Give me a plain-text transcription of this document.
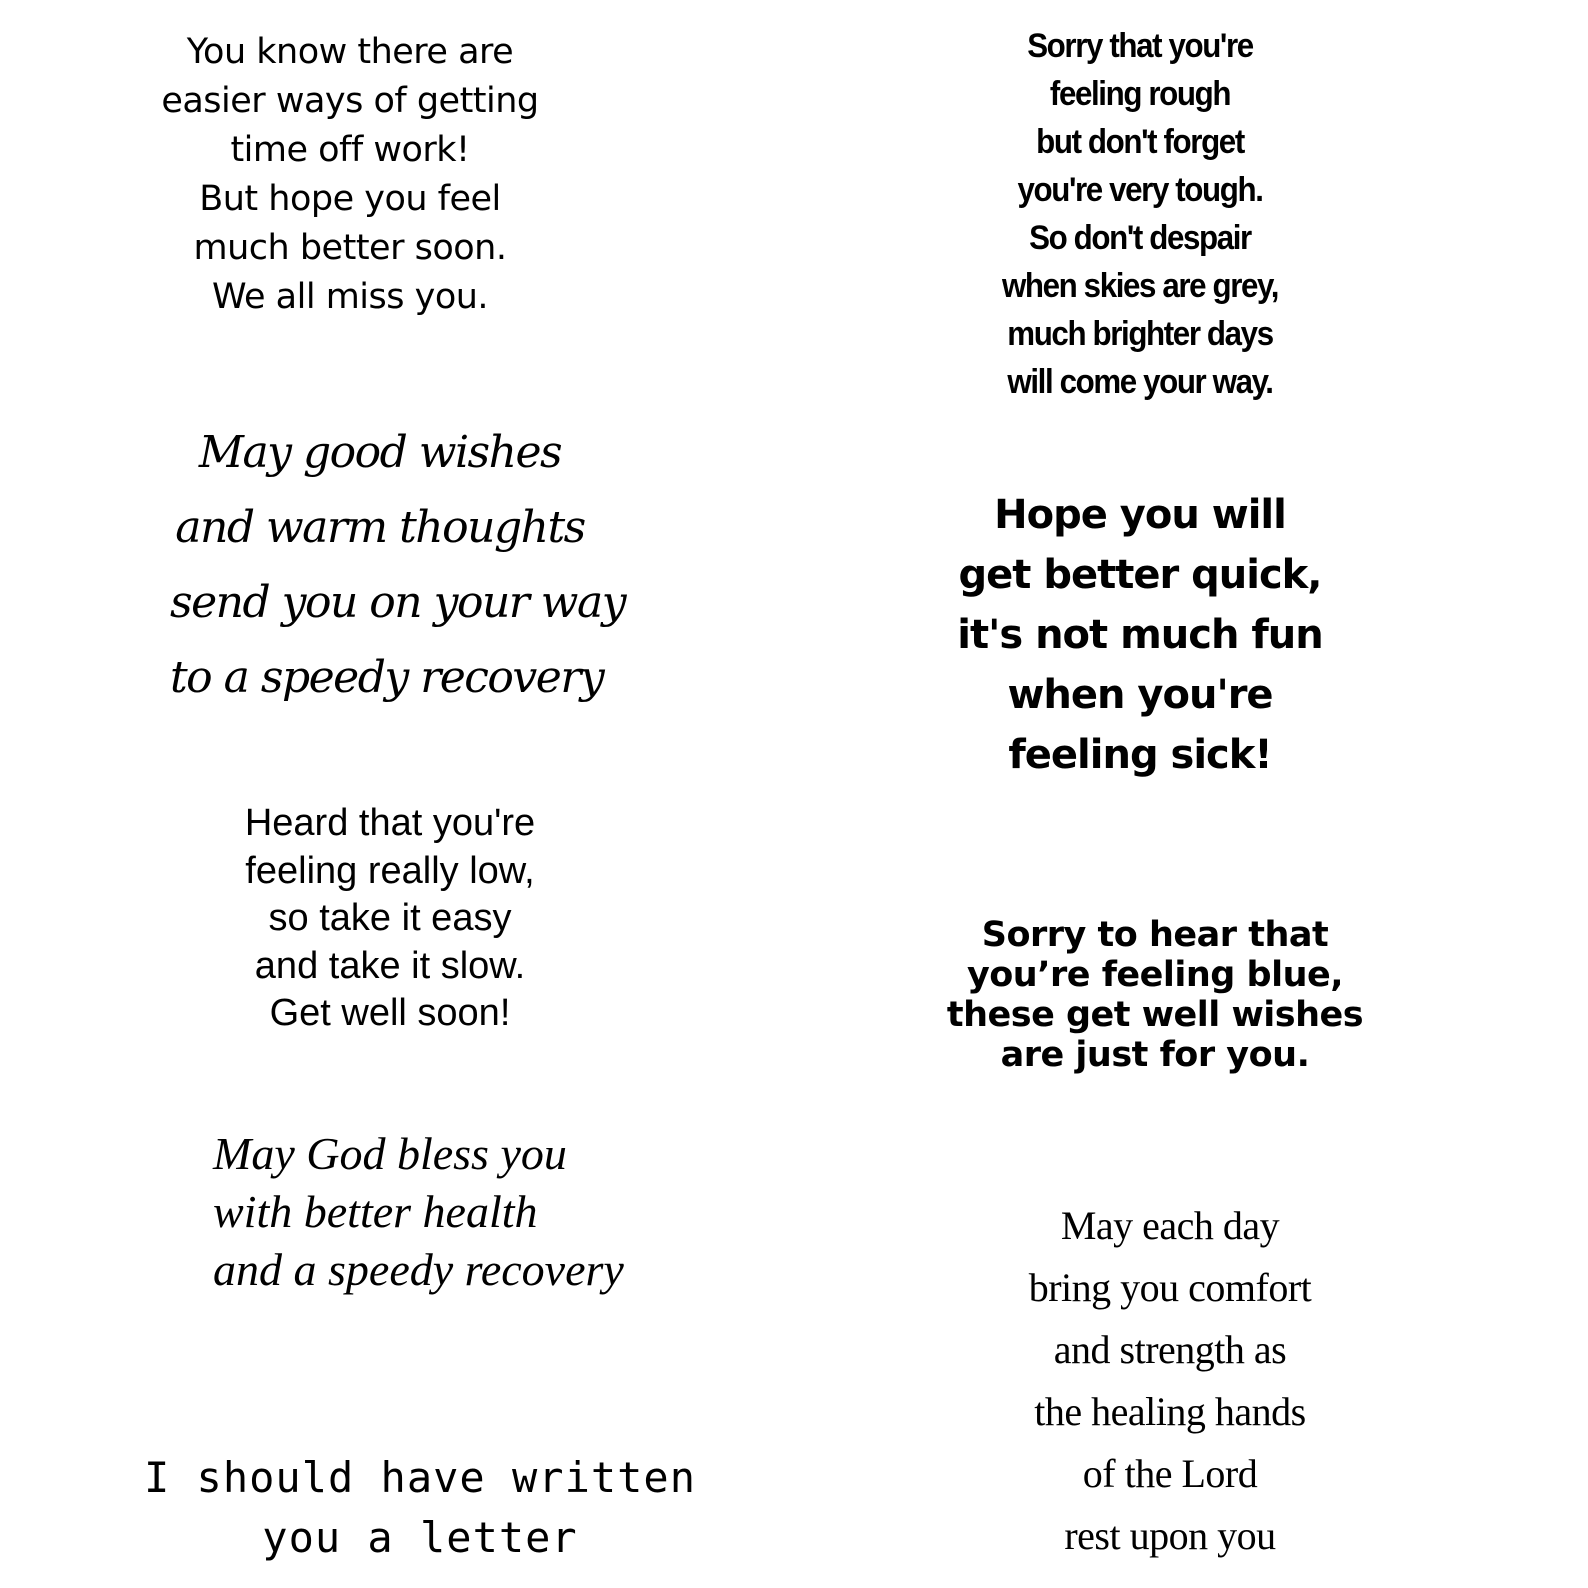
You know there are
easier ways of getting
time off work!
But hope you feel
much better soon.
We all miss you.
May good wishes
and warm thoughts
send you on your way
to a speedy recovery
Heard that you're
feeling really low,
so take it easy
and take it slow.
Get well soon!
May God bless you
with better health
and a speedy recovery
I should have written
you a letter
Sorry that you're
feeling rough
but don't forget
you're very tough.
So don't despair
when skies are grey,
much brighter days
will come your way.
Hope you will
get better quick,
it's not much fun
when you're
feeling sick!
Sorry to hear that
you’re feeling blue,
these get well wishes
are just for you.
May each day
bring you comfort
and strength as
the healing hands
of the Lord
rest upon you
